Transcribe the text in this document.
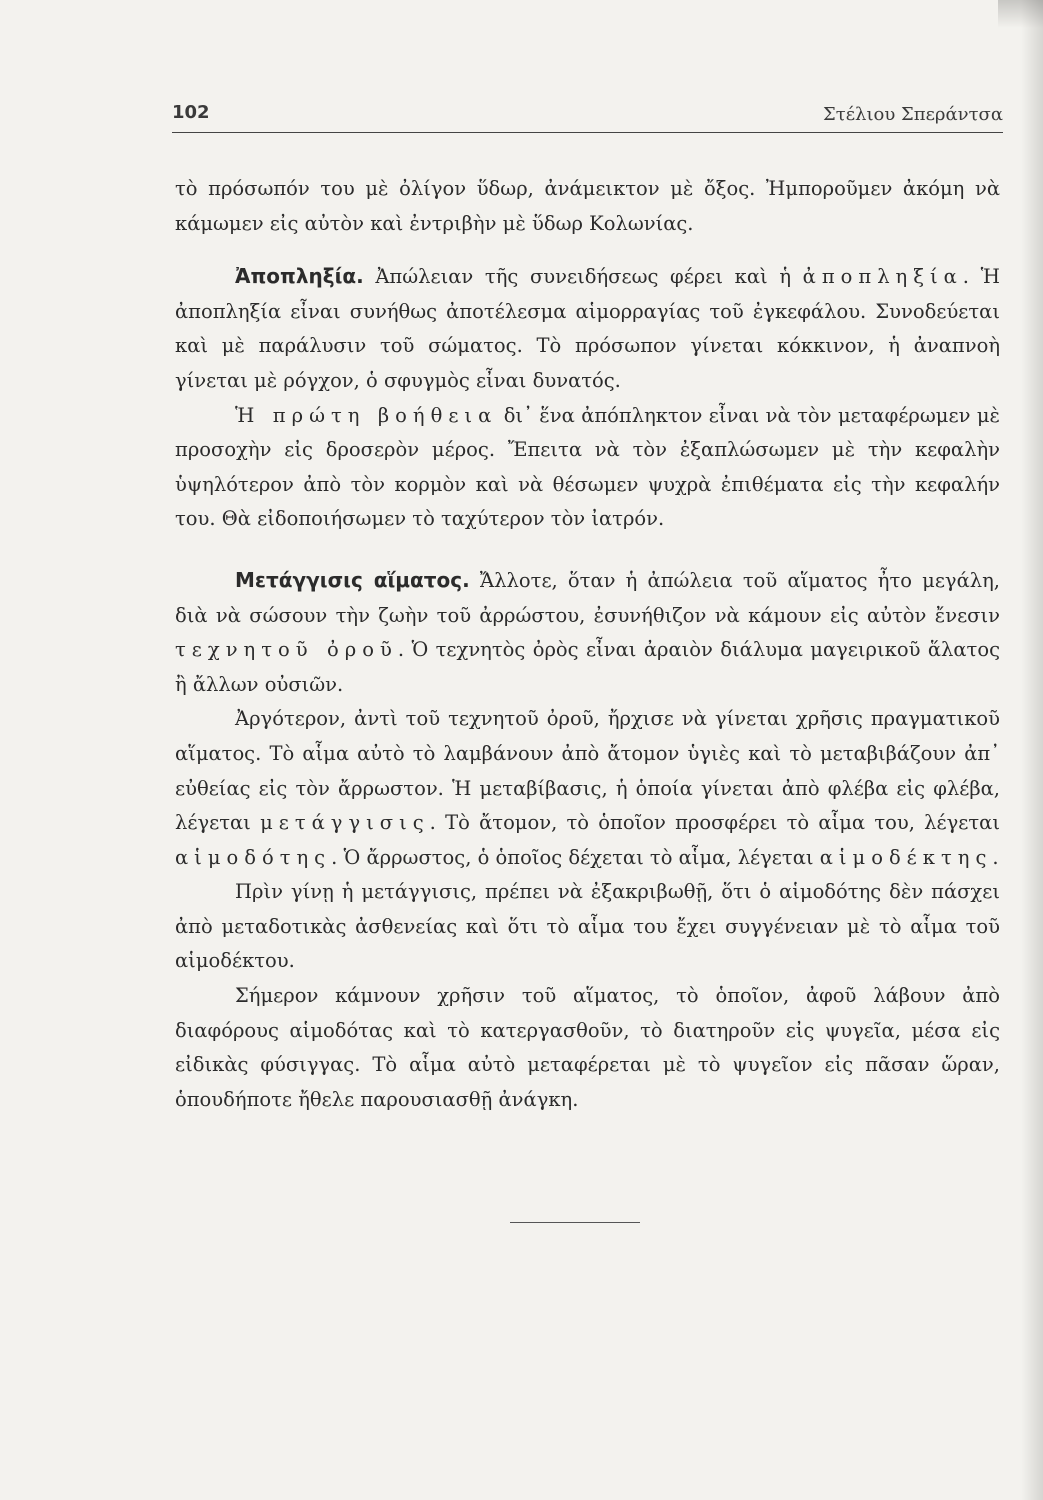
102	Στέλιου Σπεράντσα

τὸ πρόσωπόν του μὲ ὀλίγον ὕδωρ, ἀνάμεικτον μὲ ὄξος. Ἠμποροῦμεν ἀκόμη νὰ κάμωμεν εἰς αὐτὸν καὶ ἐντριβὴν μὲ ὕδωρ Κολωνίας.

Ἀποπληξία. Ἀπώλειαν τῆς συνειδήσεως φέρει καὶ ἡ ἀποπληξία. Ἡ ἀποπληξία εἶναι συνήθως ἀποτέλεσμα αἱμορραγίας τοῦ ἐγκεφάλου. Συνοδεύεται καὶ μὲ παράλυσιν τοῦ σώματος. Τὸ πρόσωπον γίνεται κόκκινον, ἡ ἀναπνοὴ γίνεται μὲ ρόγχον, ὁ σφυγμὸς εἶναι δυνατός.

Ἡ πρώτη βοήθεια δι᾿ ἕνα ἀπόπληκτον εἶναι νὰ τὸν μεταφέρωμεν μὲ προσοχὴν εἰς δροσερὸν μέρος. Ἔπειτα νὰ τὸν ἐξαπλώσωμεν μὲ τὴν κεφαλὴν ὑψηλότερον ἀπὸ τὸν κορμὸν καὶ νὰ θέσωμεν ψυχρὰ ἐπιθέματα εἰς τὴν κεφαλήν του. Θὰ εἰδοποιήσωμεν τὸ ταχύτερον τὸν ἰατρόν.

Μετάγγισις αἵματος. Ἄλλοτε, ὅταν ἡ ἀπώλεια τοῦ αἵματος ἦτο μεγάλη, διὰ νὰ σώσουν τὴν ζωὴν τοῦ ἀρρώστου, ἐσυνήθιζον νὰ κάμουν εἰς αὐτὸν ἔνεσιν τεχνητοῦ ὀροῦ. Ὁ τεχνητὸς ὀρὸς εἶναι ἀραιὸν διάλυμα μαγειρικοῦ ἅλατος ἢ ἄλλων οὐσιῶν.

Ἀργότερον, ἀντὶ τοῦ τεχνητοῦ ὀροῦ, ἤρχισε νὰ γίνεται χρῆσις πραγματικοῦ αἵματος. Τὸ αἷμα αὐτὸ τὸ λαμβάνουν ἀπὸ ἄτομον ὑγιὲς καὶ τὸ μεταβιβάζουν ἀπ᾿ εὐθείας εἰς τὸν ἄρρωστον. Ἡ μεταβίβασις, ἡ ὁποία γίνεται ἀπὸ φλέβα εἰς φλέβα, λέγεται μετάγγισις. Τὸ ἄτομον, τὸ ὁποῖον προσφέρει τὸ αἷμα του, λέγεται αἱμοδότης. Ὁ ἄρρωστος, ὁ ὁποῖος δέχεται τὸ αἷμα, λέγεται αἱμοδέκτης.

Πρὶν γίνῃ ἡ μετάγγισις, πρέπει νὰ ἐξακριβωθῇ, ὅτι ὁ αἱμοδότης δὲν πάσχει ἀπὸ μεταδοτικὰς ἀσθενείας καὶ ὅτι τὸ αἷμα του ἔχει συγγένειαν μὲ τὸ αἷμα τοῦ αἱμοδέκτου.

Σήμερον κάμνουν χρῆσιν τοῦ αἵματος, τὸ ὁποῖον, ἀφοῦ λάβουν ἀπὸ διαφόρους αἱμοδότας καὶ τὸ κατεργασθοῦν, τὸ διατηροῦν εἰς ψυγεῖα, μέσα εἰς εἰδικὰς φύσιγγας. Τὸ αἷμα αὐτὸ μεταφέρεται μὲ τὸ ψυγεῖον εἰς πᾶσαν ὥραν, ὁπουδήποτε ἤθελε παρουσιασθῇ ἀνάγκη.
